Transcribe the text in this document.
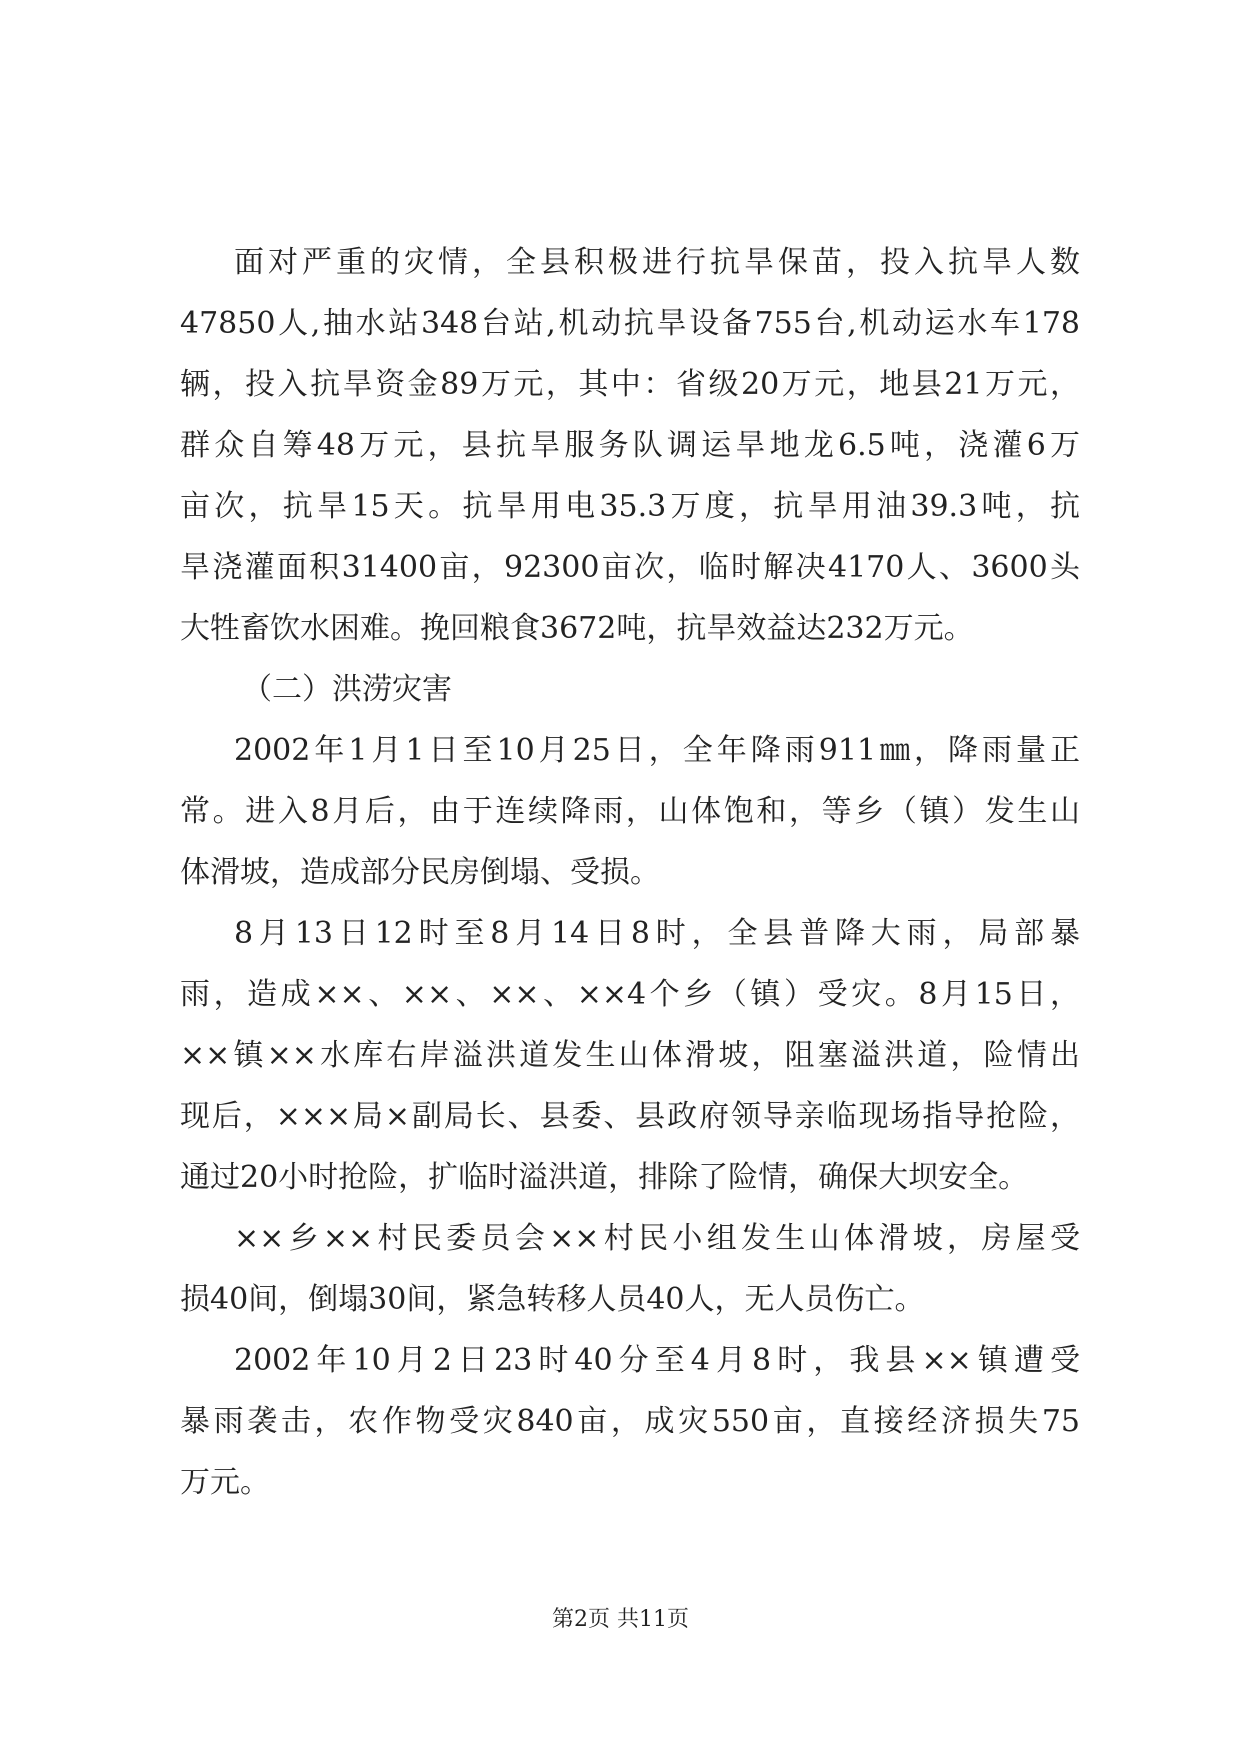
面对严重的灾情，全县积极进行抗旱保苗，投入抗旱人数
47850人,抽水站348台站,机动抗旱设备755台,机动运水车178
辆，投入抗旱资金89万元，其中：省级20万元，地县21万元，
群众自筹48万元，县抗旱服务队调运旱地龙6.5吨，浇灌6万
亩次，抗旱15天。抗旱用电35.3万度，抗旱用油39.3吨，抗
旱浇灌面积31400亩，92300亩次，临时解决4170人、3600头
大牲畜饮水困难。挽回粮食3672吨，抗旱效益达232万元。
（二）洪涝灾害
2002年1月1日至10月25日，全年降雨911㎜，降雨量正
常。进入8月后，由于连续降雨，山体饱和，等乡（镇）发生山
体滑坡，造成部分民房倒塌、受损。
8月13日12时至8月14日8时，全县普降大雨，局部暴
雨，造成××、××、××、××4个乡（镇）受灾。8月15日，
××镇××水库右岸溢洪道发生山体滑坡，阻塞溢洪道，险情出
现后，×××局×副局长、县委、县政府领导亲临现场指导抢险，
通过20小时抢险，扩临时溢洪道，排除了险情，确保大坝安全。
××乡××村民委员会××村民小组发生山体滑坡，房屋受
损40间，倒塌30间，紧急转移人员40人，无人员伤亡。
2002年10月2日23时40分至4月8时，我县××镇遭受
暴雨袭击，农作物受灾840亩，成灾550亩，直接经济损失75
万元。
第2页 共11页
